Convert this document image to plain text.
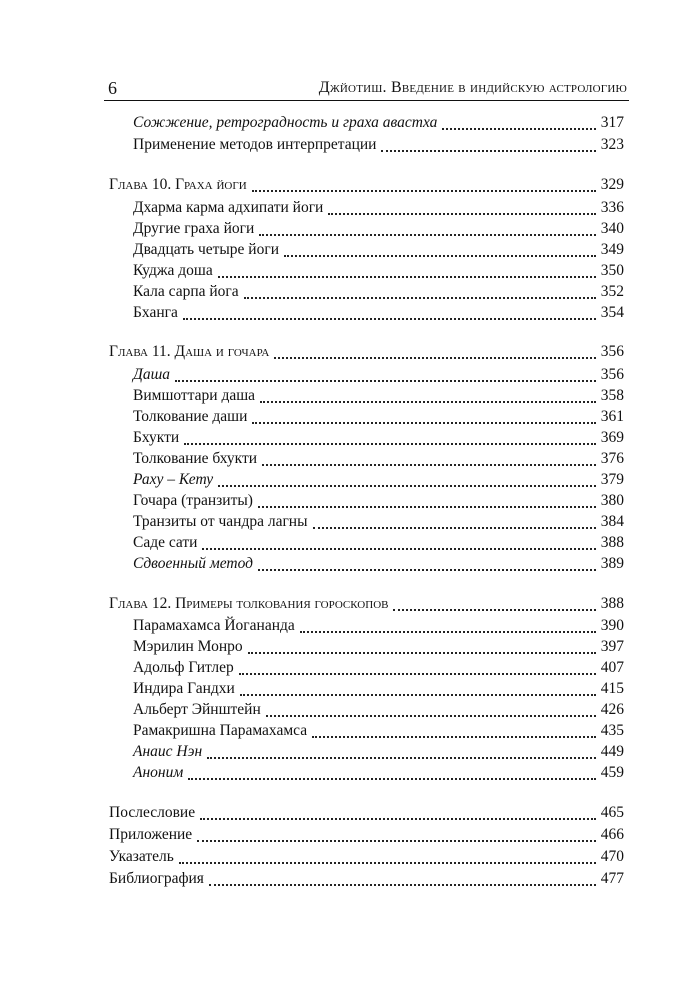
6	Джйотиш. Введение в индийскую астрологию
Сожжение, ретроградность и граха авастха	317
Применение методов интерпретации	323
Глава 10. Граха йоги	329
Дхарма карма адхипати йоги	336
Другие граха йоги	340
Двадцать четыре йоги	349
Куджа доша	350
Кала сарпа йога	352
Бханга	354
Глава 11. Даша и гочара	356
Даша	356
Вимшоттари даша	358
Толкование даши	361
Бхукти	369
Толкование бхукти	376
Раху – Кету	379
Гочара (транзиты)	380
Транзиты от чандра лагны	384
Саде сати	388
Сдвоенный метод	389
Глава 12. Примеры толкования гороскопов	388
Парамахамса Йогананда	390
Мэрилин Монро	397
Адольф Гитлер	407
Индира Гандхи	415
Альберт Эйнштейн	426
Рамакришна Парамахамса	435
Анаис Нэн	449
Аноним	459
Послесловие	465
Приложение	466
Указатель	470
Библиография	477
